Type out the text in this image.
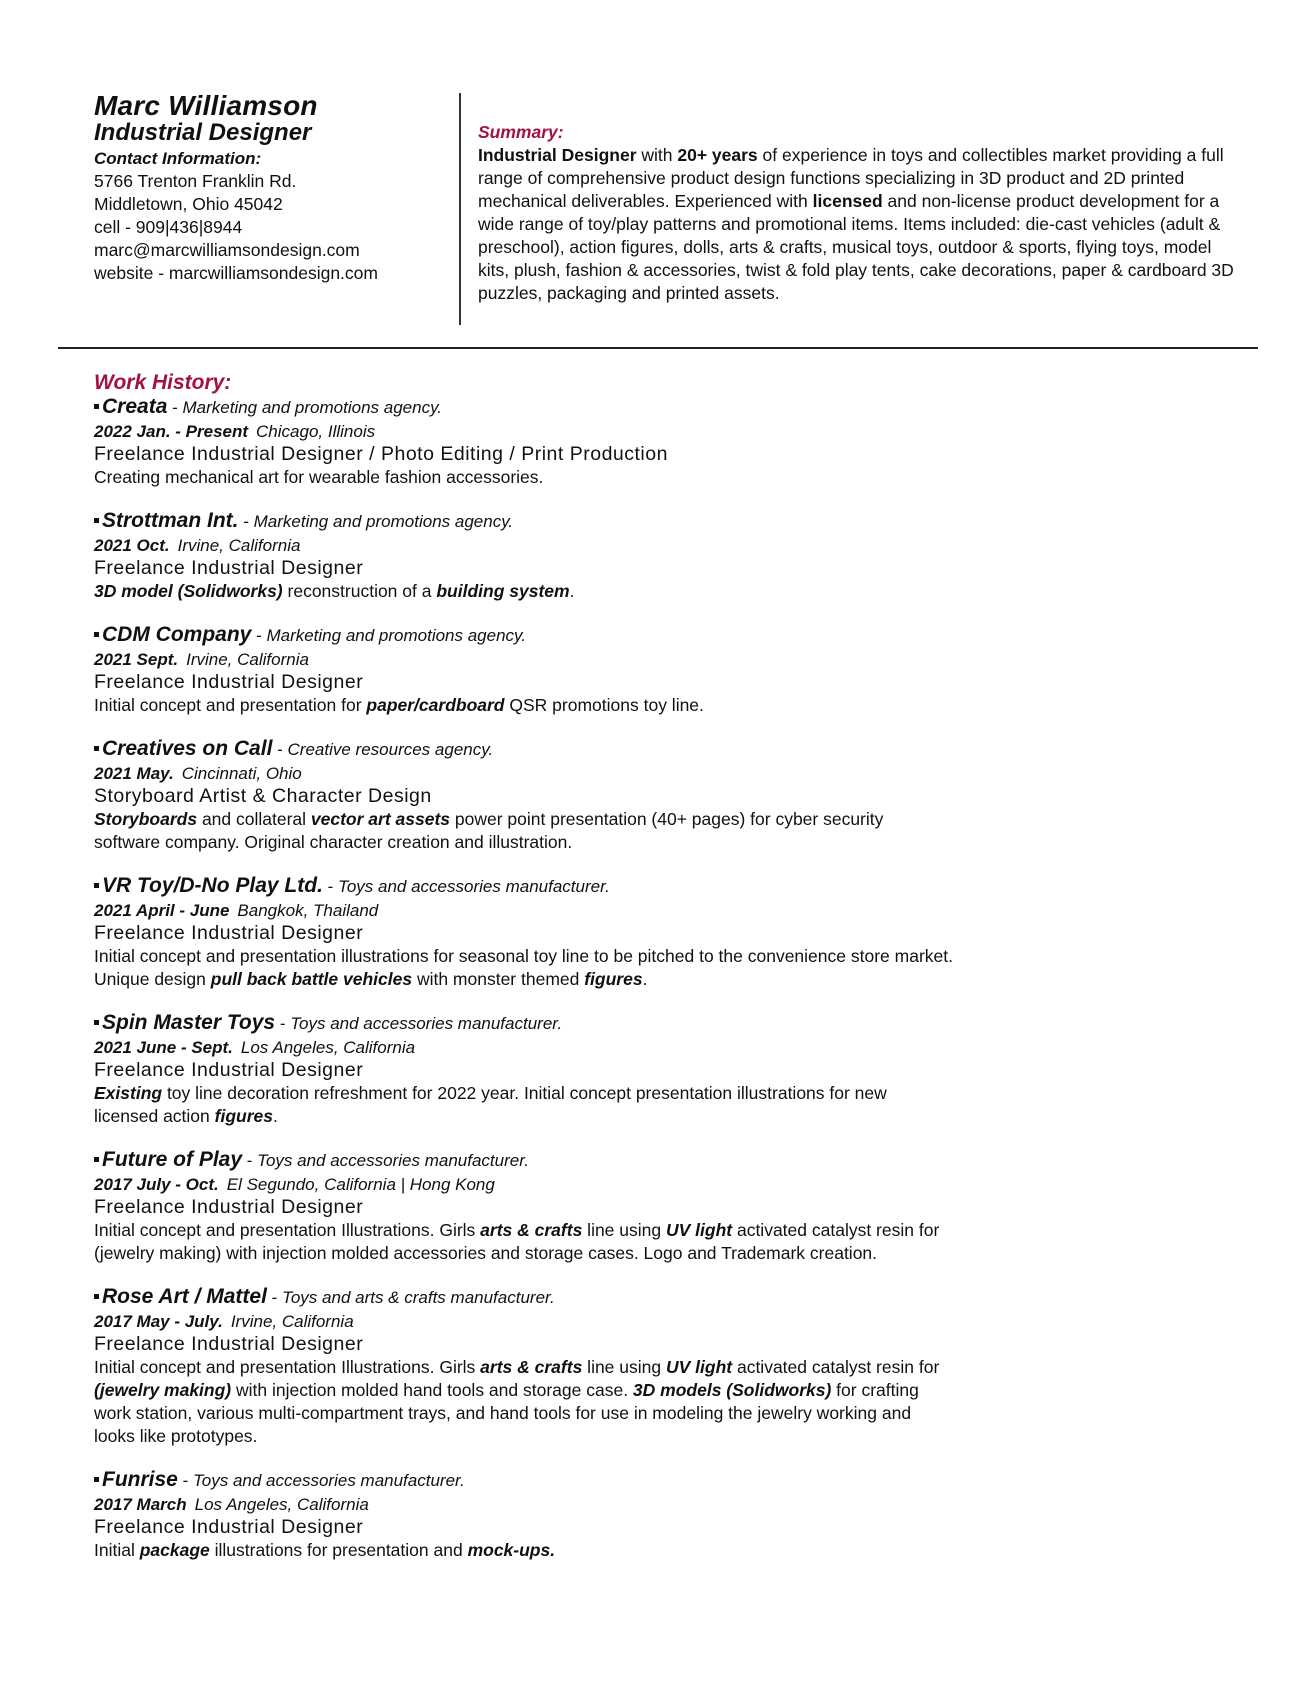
Marc Williamson
Industrial Designer
Contact Information:
5766 Trenton Franklin Rd.
Middletown, Ohio 45042
cell - 909|436|8944
marc@marcwilliamsondesign.com
website - marcwilliamsondesign.com
Summary:
Industrial Designer with 20+ years of experience in toys and collectibles market providing a full range of comprehensive product design functions specializing in 3D product and 2D printed mechanical deliverables. Experienced with licensed and non-license product development for a wide range of toy/play patterns and promotional items. Items included: die-cast vehicles (adult & preschool), action figures, dolls, arts & crafts, musical toys, outdoor & sports, flying toys, model kits, plush, fashion & accessories, twist & fold play tents, cake decorations, paper & cardboard 3D puzzles, packaging and printed assets.
Work History:
Creata - Marketing and promotions agency.
2022 Jan. - Present Chicago, Illinois
Freelance Industrial Designer / Photo Editing / Print Production
Creating mechanical art for wearable fashion accessories.
Strottman Int. - Marketing and promotions agency.
2021 Oct. Irvine, California
Freelance Industrial Designer
3D model (Solidworks) reconstruction of a building system.
CDM Company - Marketing and promotions agency.
2021 Sept. Irvine, California
Freelance Industrial Designer
Initial concept and presentation for paper/cardboard QSR promotions toy line.
Creatives on Call - Creative resources agency.
2021 May. Cincinnati, Ohio
Storyboard Artist & Character Design
Storyboards and collateral vector art assets power point presentation (40+ pages) for cyber security software company. Original character creation and illustration.
VR Toy/D-No Play Ltd. - Toys and accessories manufacturer.
2021 April - June Bangkok, Thailand
Freelance Industrial Designer
Initial concept and presentation illustrations for seasonal toy line to be pitched to the convenience store market. Unique design pull back battle vehicles with monster themed figures.
Spin Master Toys - Toys and accessories manufacturer.
2021 June - Sept. Los Angeles, California
Freelance Industrial Designer
Existing toy line decoration refreshment for 2022 year. Initial concept presentation illustrations for new licensed action figures.
Future of Play - Toys and accessories manufacturer.
2017 July - Oct. El Segundo, California | Hong Kong
Freelance Industrial Designer
Initial concept and presentation Illustrations. Girls arts & crafts line using UV light activated catalyst resin for (jewelry making) with injection molded accessories and storage cases. Logo and Trademark creation.
Rose Art / Mattel - Toys and arts & crafts manufacturer.
2017 May - July. Irvine, California
Freelance Industrial Designer
Initial concept and presentation Illustrations. Girls arts & crafts line using UV light activated catalyst resin for (jewelry making) with injection molded hand tools and storage case. 3D models (Solidworks) for crafting work station, various multi-compartment trays, and hand tools for use in modeling the jewelry working and looks like prototypes.
Funrise - Toys and accessories manufacturer.
2017 March Los Angeles, California
Freelance Industrial Designer
Initial package illustrations for presentation and mock-ups.
